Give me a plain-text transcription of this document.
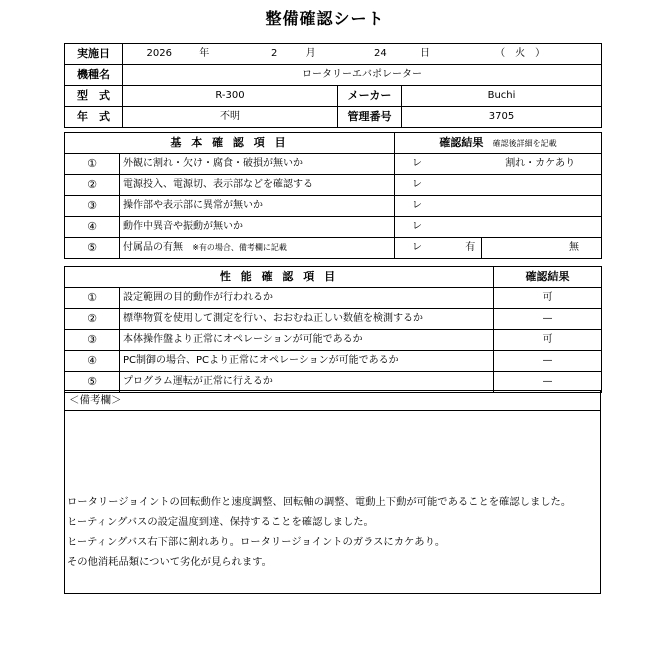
整備確認シート
実施日	2026 年 2 月 24 日 （　火　）		
機種名	ロータリーエバポレーター		
型　式	R-300	メーカー	Buchi
年　式	不明	管理番号	3705
基 本 確 認 項 目		確認結果 確認後詳細を記載	
①	外観に割れ・欠け・腐食・破損が無いか	レ 割れ・カケあり	
②	電源投入、電源切、表示部などを確認する	レ	
③	操作部や表示部に異常が無いか	レ	
④	動作中異音や振動が無いか	レ	
⑤	付属品の有無 ※有の場合、備考欄に記載	レ 有	無
性 能 確 認 項 目		確認結果
①	設定範囲の目的動作が行われるか	可
②	標準物質を使用して測定を行い、おおむね正しい数値を検測するか	—
③	本体操作盤より正常にオペレーションが可能であるか	可
④	PC制御の場合、PCより正常にオペレーションが可能であるか	—
⑤	プログラム運転が正常に行えるか	—
＜備考欄＞
ロータリージョイントの回転動作と速度調整、回転軸の調整、電動上下動が可能であることを確認しました。
ヒーティングバスの設定温度到達、保持することを確認しました。
ヒーティングバス右下部に割れあり。ロータリージョイントのガラスにカケあり。
その他消耗品類について劣化が見られます。
